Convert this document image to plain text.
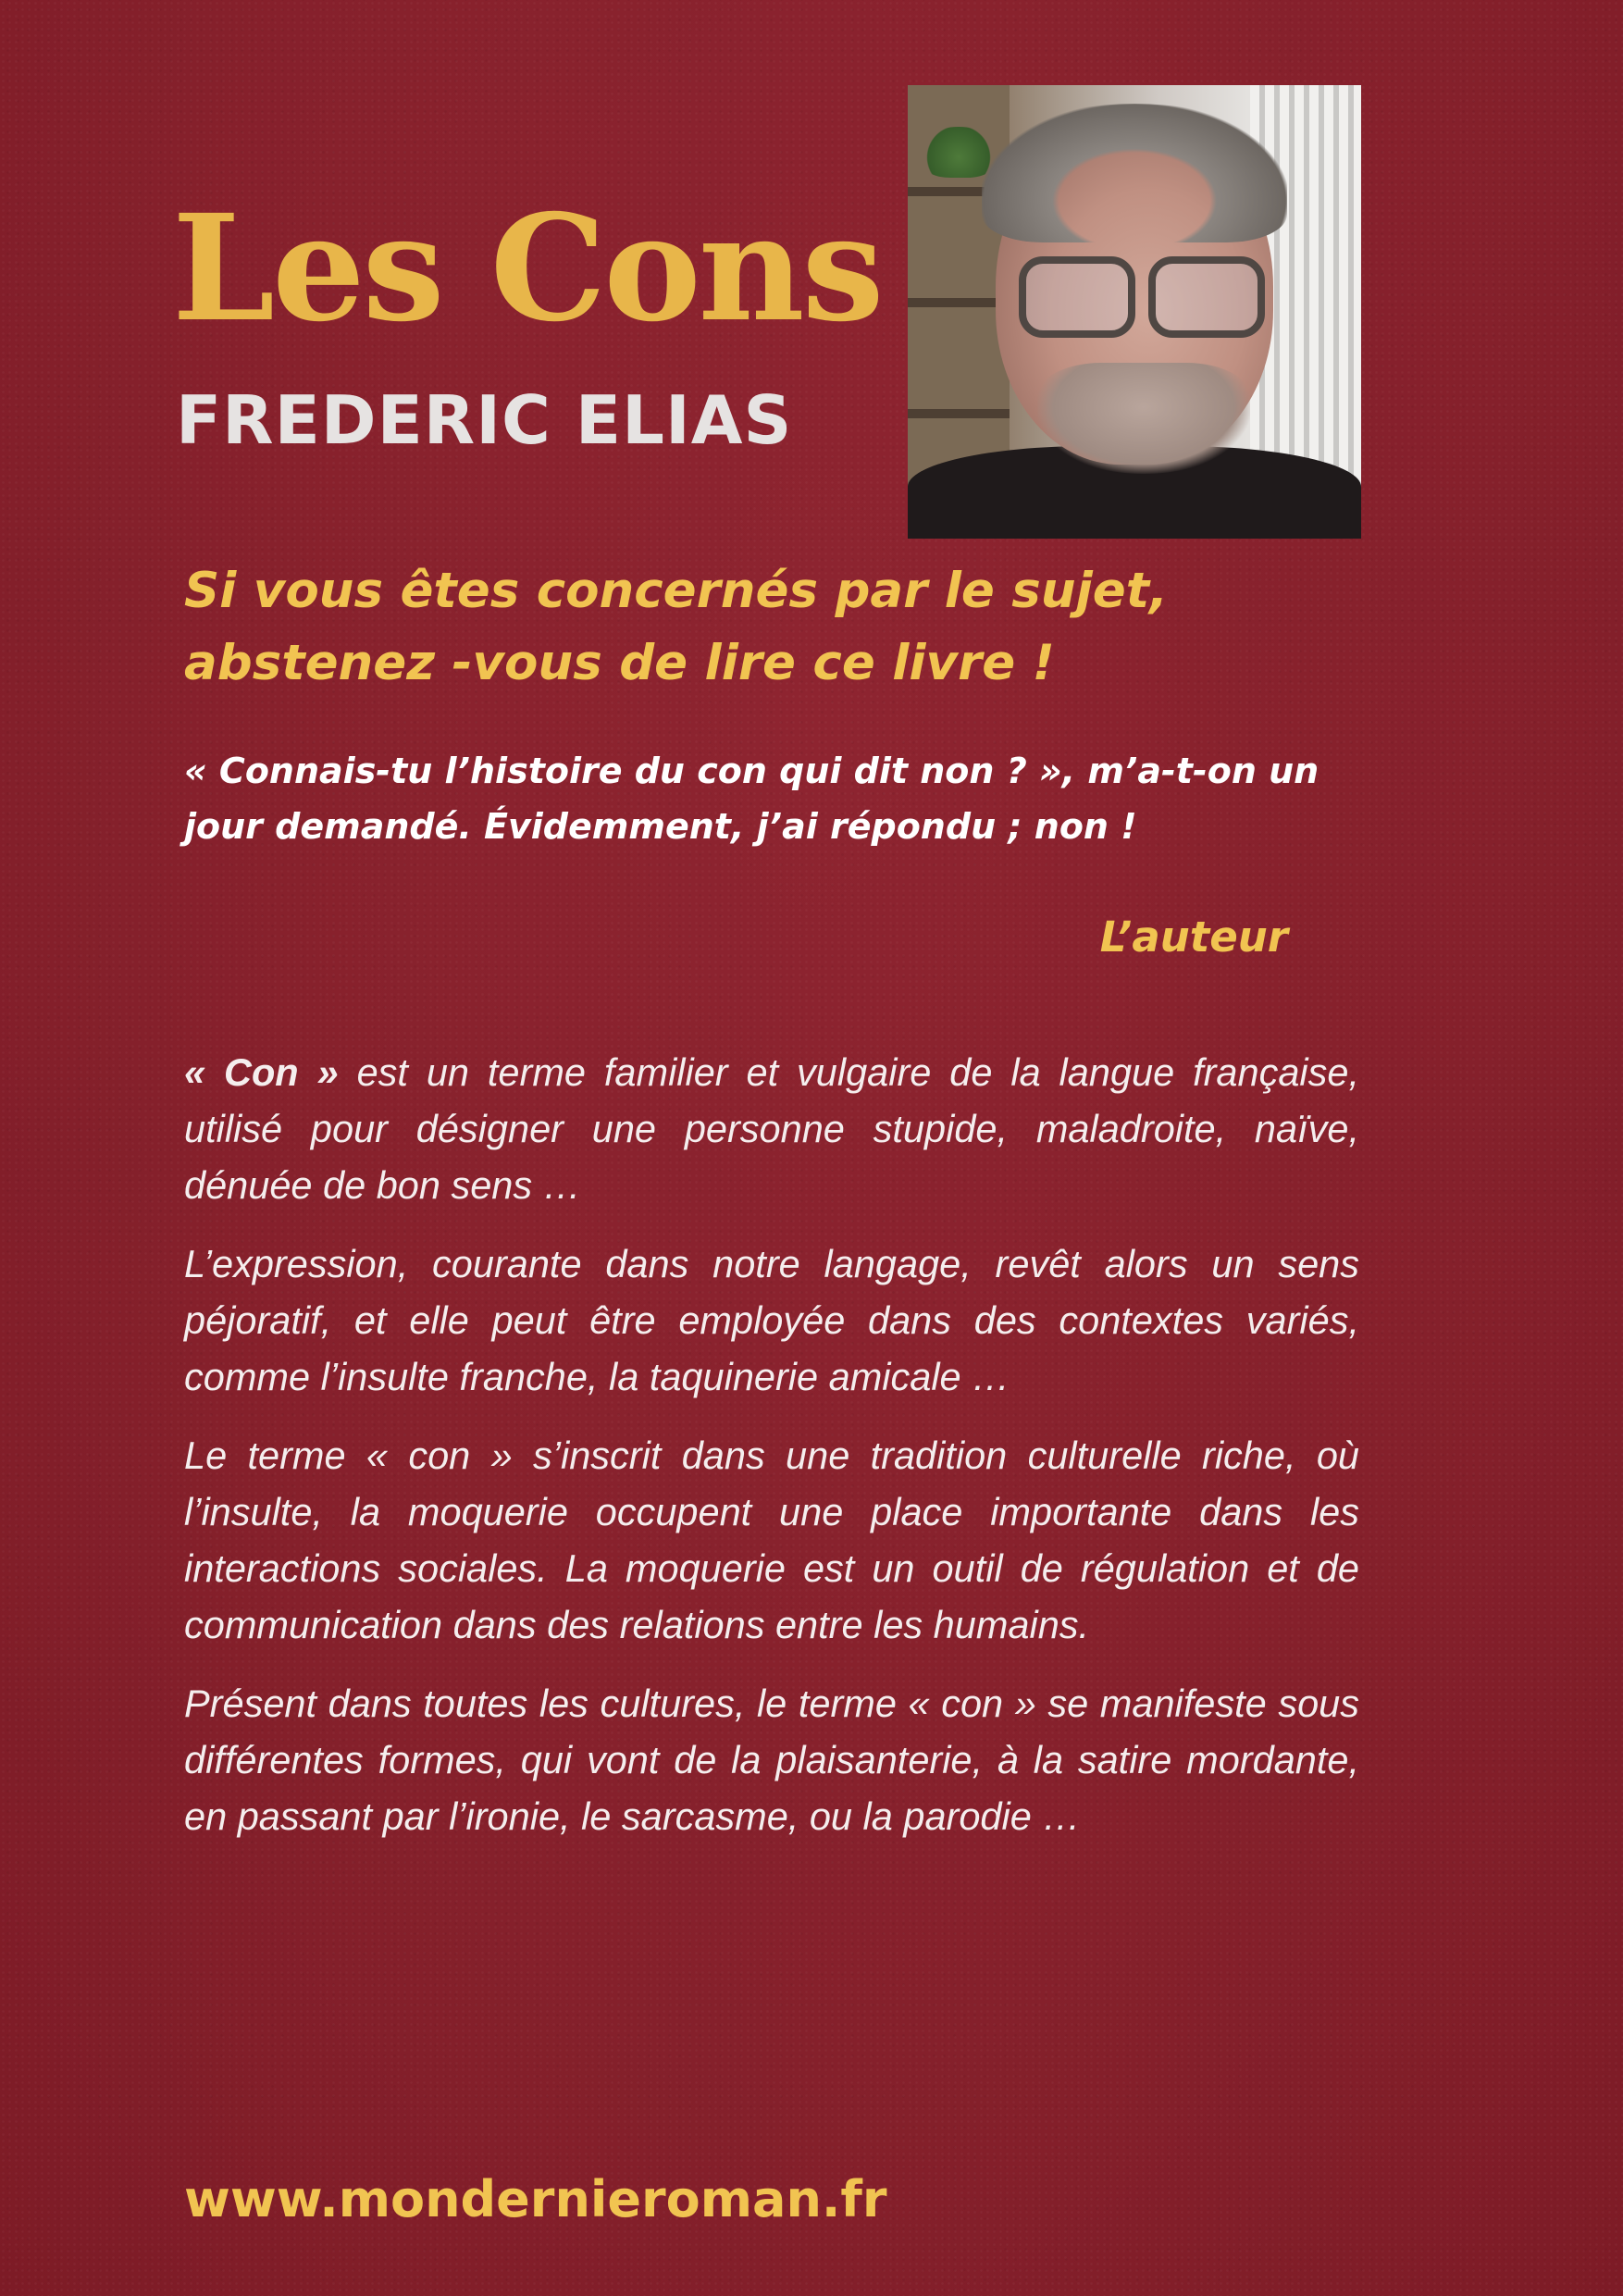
Les Cons
FREDERIC ELIAS
Si vous êtes concernés par le sujet, abstenez -vous de lire ce livre !
« Connais-tu l’histoire du con qui dit non ? », m’a-t-on un jour demandé. Évidemment, j’ai répondu ; non !
L’auteur

« Con » est un terme familier et vulgaire de la langue française, utilisé pour désigner une personne stupide, maladroite, naïve, dénuée de bon sens …

L’expression, courante dans notre langage, revêt alors un sens péjoratif, et elle peut être employée dans des contextes variés, comme l’insulte franche, la taquinerie amicale …

Le terme « con » s’inscrit dans une tradition culturelle riche, où l’insulte, la moquerie occupent une place importante dans les interactions sociales. La moquerie est un outil de régulation et de communication dans des relations entre les humains.

Présent dans toutes les cultures, le terme « con » se manifeste sous différentes formes, qui vont de la plaisanterie, à la satire mordante, en passant par l’ironie, le sarcasme, ou la parodie …

www.mondernieroman.fr
